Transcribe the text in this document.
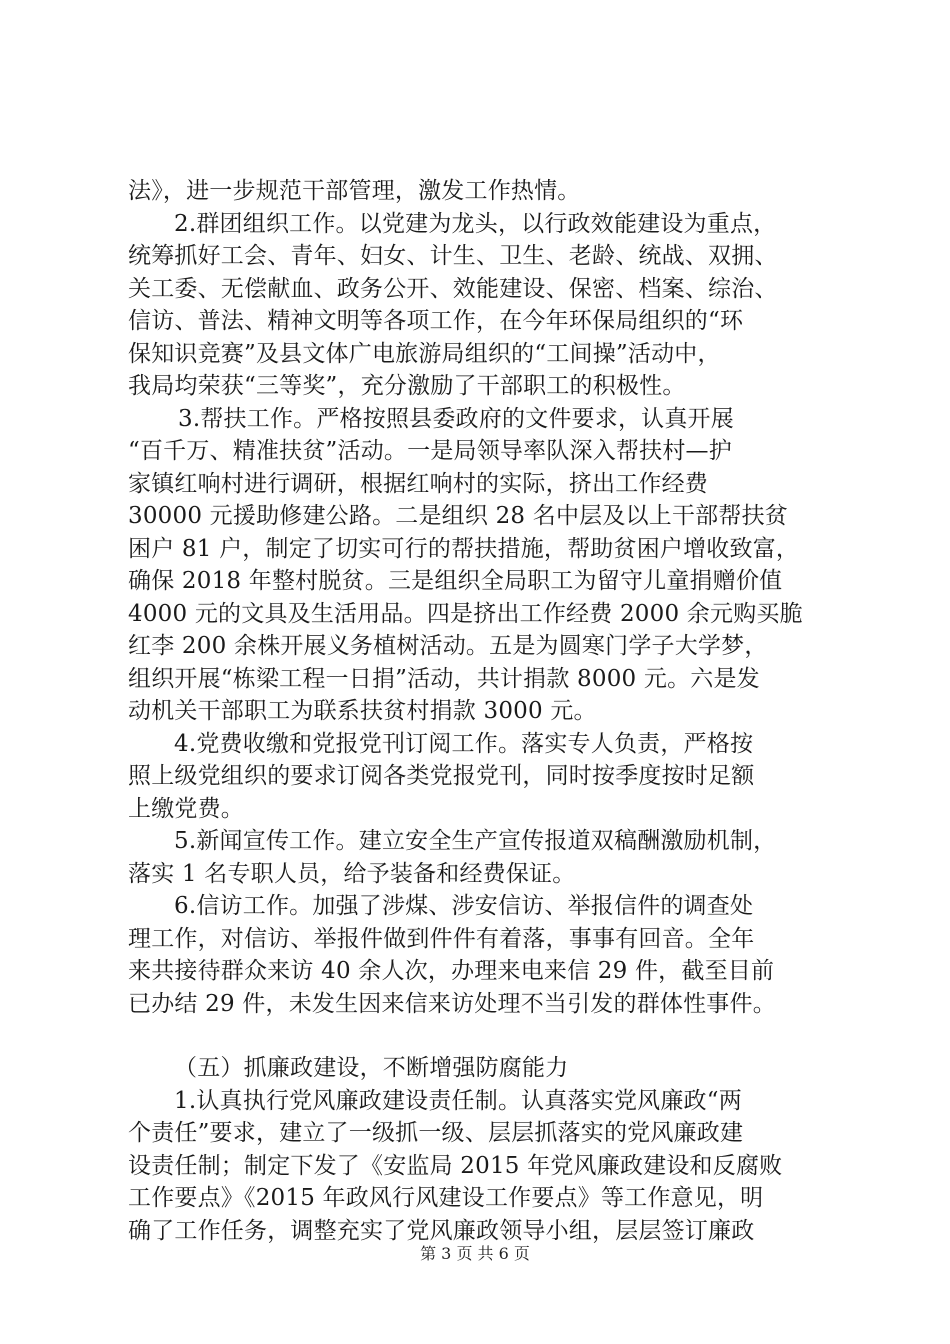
法》，进一步规范干部管理，激发工作热情。
2.群团组织工作。以党建为龙头，以行政效能建设为重点，
统筹抓好工会、青年、妇女、计生、卫生、老龄、统战、双拥、
关工委、无偿献血、政务公开、效能建设、保密、档案、综治、
信访、普法、精神文明等各项工作，在今年环保局组织的“环
保知识竞赛”及县文体广电旅游局组织的“工间操”活动中，
我局均荣获“三等奖”，充分激励了干部职工的积极性。
3.帮扶工作。严格按照县委政府的文件要求，认真开展
“百千万、精准扶贫”活动。一是局领导率队深入帮扶村—护
家镇红响村进行调研，根据红响村的实际，挤出工作经费
30000 元援助修建公路。二是组织 28 名中层及以上干部帮扶贫
困户 81 户，制定了切实可行的帮扶措施，帮助贫困户增收致富，
确保 2018 年整村脱贫。三是组织全局职工为留守儿童捐赠价值
4000 元的文具及生活用品。四是挤出工作经费 2000 余元购买脆
红李 200 余株开展义务植树活动。五是为圆寒门学子大学梦，
组织开展“栋梁工程一日捐”活动，共计捐款 8000 元。六是发
动机关干部职工为联系扶贫村捐款 3000 元。
4.党费收缴和党报党刊订阅工作。落实专人负责，严格按
照上级党组织的要求订阅各类党报党刊，同时按季度按时足额
上缴党费。
5.新闻宣传工作。建立安全生产宣传报道双稿酬激励机制，
落实 1 名专职人员，给予装备和经费保证。
6.信访工作。加强了涉煤、涉安信访、举报信件的调查处
理工作，对信访、举报件做到件件有着落，事事有回音。全年
来共接待群众来访 40 余人次，办理来电来信 29 件，截至目前
已办结 29 件，未发生因来信来访处理不当引发的群体性事件。
（五）抓廉政建设，不断增强防腐能力
1.认真执行党风廉政建设责任制。认真落实党风廉政“两
个责任”要求，建立了一级抓一级、层层抓落实的党风廉政建
设责任制；制定下发了《安监局 2015 年党风廉政建设和反腐败
工作要点》《2015 年政风行风建设工作要点》等工作意见，明
确了工作任务，调整充实了党风廉政领导小组，层层签订廉政
第 3 页 共 6 页
